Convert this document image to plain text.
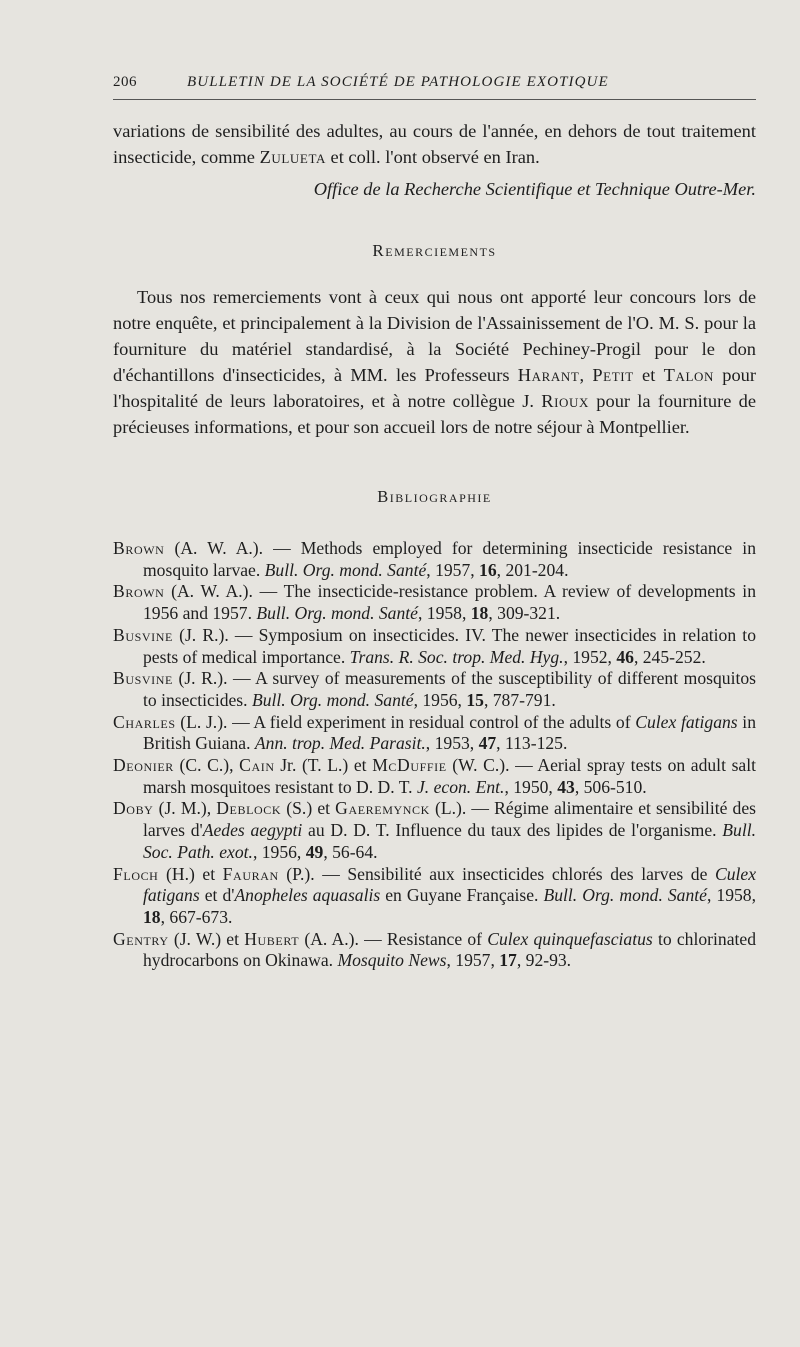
206	BULLETIN DE LA SOCIÉTÉ DE PATHOLOGIE EXOTIQUE

variations de sensibilité des adultes, au cours de l'année, en dehors de tout traitement insecticide, comme Zulueta et coll. l'ont observé en Iran.

Office de la Recherche Scientifique et Technique Outre-Mer.

Remerciements

Tous nos remerciements vont à ceux qui nous ont apporté leur concours lors de notre enquête, et principalement à la Division de l'Assainissement de l'O. M. S. pour la fourniture du matériel standardisé, à la Société Pechiney-Progil pour le don d'échantillons d'insecticides, à MM. les Professeurs Harant, Petit et Talon pour l'hospitalité de leurs laboratoires, et à notre collègue J. Rioux pour la fourniture de précieuses informations, et pour son accueil lors de notre séjour à Montpellier.

Bibliographie

Brown (A. W. A.). — Methods employed for determining insecticide resistance in mosquito larvae. Bull. Org. mond. Santé, 1957, 16, 201-204.

Brown (A. W. A.). — The insecticide-resistance problem. A review of developments in 1956 and 1957. Bull. Org. mond. Santé, 1958, 18, 309-321.

Busvine (J. R.). — Symposium on insecticides. IV. The newer insecticides in relation to pests of medical importance. Trans. R. Soc. trop. Med. Hyg., 1952, 46, 245-252.

Busvine (J. R.). — A survey of measurements of the susceptibility of different mosquitos to insecticides. Bull. Org. mond. Santé, 1956, 15, 787-791.

Charles (L. J.). — A field experiment in residual control of the adults of Culex fatigans in British Guiana. Ann. trop. Med. Parasit., 1953, 47, 113-125.

Deonier (C. C.), Cain Jr. (T. L.) et McDuffie (W. C.). — Aerial spray tests on adult salt marsh mosquitoes resistant to D. D. T. J. econ. Ent., 1950, 43, 506-510.

Doby (J. M.), Deblock (S.) et Gaeremynck (L.). — Régime alimentaire et sensibilité des larves d'Aedes aegypti au D. D. T. Influence du taux des lipides de l'organisme. Bull. Soc. Path. exot., 1956, 49, 56-64.

Floch (H.) et Fauran (P.). — Sensibilité aux insecticides chlorés des larves de Culex fatigans et d'Anopheles aquasalis en Guyane Française. Bull. Org. mond. Santé, 1958, 18, 667-673.

Gentry (J. W.) et Hubert (A. A.). — Resistance of Culex quinquefasciatus to chlorinated hydrocarbons on Okinawa. Mosquito News, 1957, 17, 92-93.
